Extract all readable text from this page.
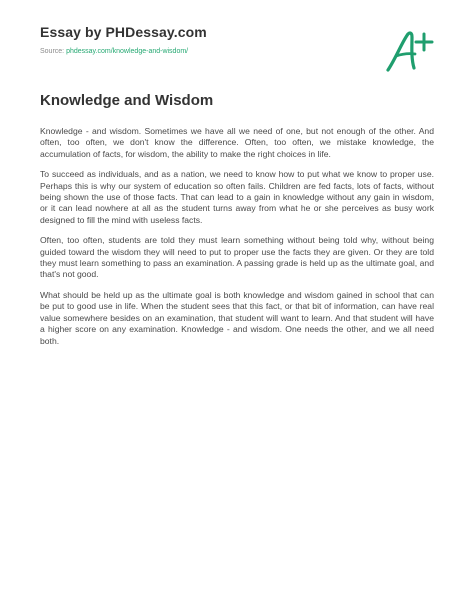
Essay by PHDessay.com
Source: phdessay.com/knowledge-and-wisdom/
Knowledge and Wisdom

Knowledge - and wisdom. Sometimes we have all we need of one, but not enough of the other. And often, too often, we don't know the difference. Often, too often, we mistake knowledge, the accumulation of facts, for wisdom, the ability to make the right choices in life.

To succeed as individuals, and as a nation, we need to know how to put what we know to proper use. Perhaps this is why our system of education so often fails. Children are fed facts, lots of facts, without being shown the use of those facts. That can lead to a gain in knowledge without any gain in wisdom, or it can lead nowhere at all as the student turns away from what he or she perceives as busy work designed to fill the mind with useless facts.

Often, too often, students are told they must learn something without being told why, without being guided toward the wisdom they will need to put to proper use the facts they are given. Or they are told they must learn something to pass an examination. A passing grade is held up as the ultimate goal, and that's not good.

What should be held up as the ultimate goal is both knowledge and wisdom gained in school that can be put to good use in life. When the student sees that this fact, or that bit of information, can have real value somewhere besides on an examination, that student will want to learn. And that student will have a higher score on any examination. Knowledge - and wisdom. One needs the other, and we all need both.
